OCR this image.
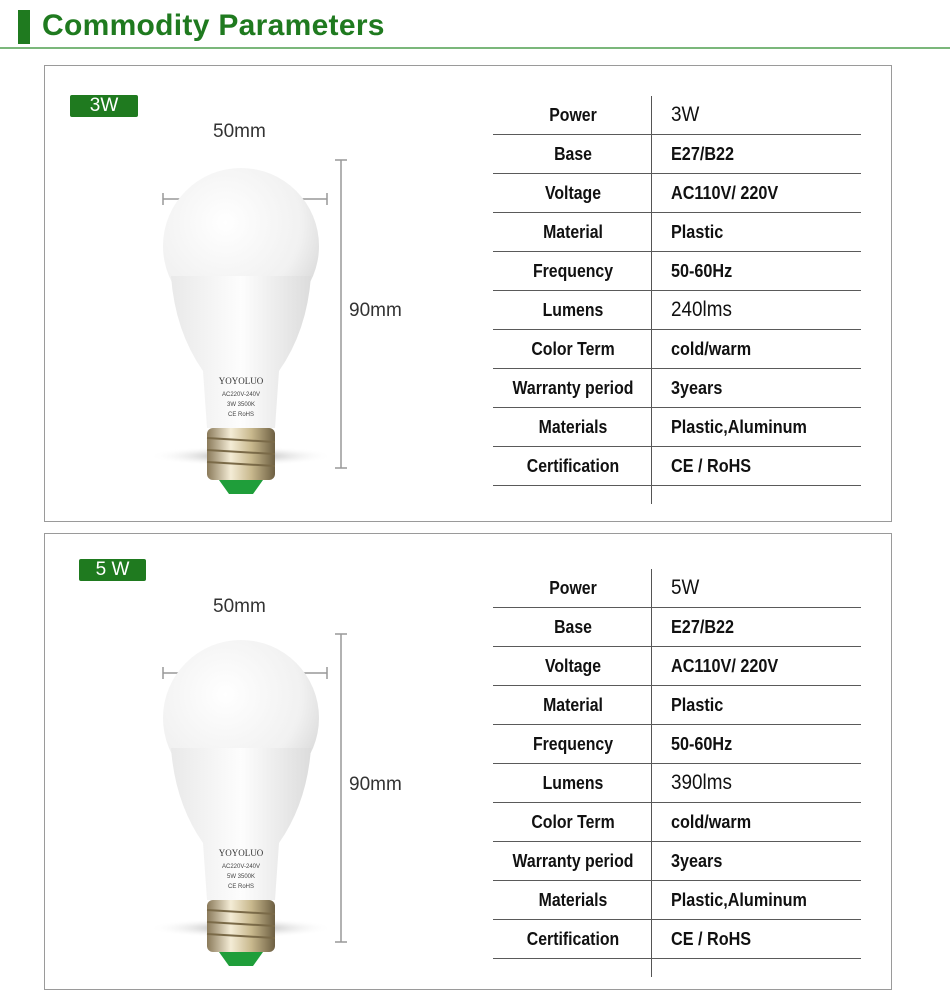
Commodity Parameters
3W
YOYOLUO
AC220V-240V
3W 3500K
CE RoHS
50mm
90mm
Power	3W
Base	E27/B22
Voltage	AC110V/ 220V
Material	Plastic
Frequency	50-60Hz
Lumens	240lms
Color Term	cold/warm
Warranty period	3years
Materials	Plastic,Aluminum
Certification	CE / RoHS
5 W
YOYOLUO
AC220V-240V
5W 3500K
CE RoHS
50mm
90mm
Power	5W
Base	E27/B22
Voltage	AC110V/ 220V
Material	Plastic
Frequency	50-60Hz
Lumens	390lms
Color Term	cold/warm
Warranty period	3years
Materials	Plastic,Aluminum
Certification	CE / RoHS
